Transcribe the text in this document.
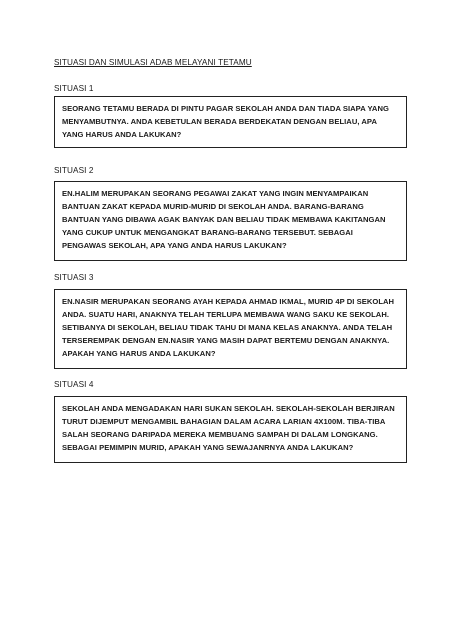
SITUASI DAN SIMULASI ADAB MELAYANI TETAMU
SITUASI 1

SEORANG TETAMU BERADA DI PINTU PAGAR SEKOLAH ANDA DAN TIADA SIAPA YANG MENYAMBUTNYA. ANDA KEBETULAN BERADA BERDEKATAN DENGAN BELIAU, APA YANG HARUS ANDA LAKUKAN?

SITUASI 2

EN.HALIM MERUPAKAN SEORANG PEGAWAI ZAKAT YANG INGIN MENYAMPAIKAN BANTUAN ZAKAT KEPADA MURID-MURID DI SEKOLAH ANDA. BARANG-BARANG BANTUAN YANG DIBAWA AGAK BANYAK DAN BELIAU TIDAK MEMBAWA KAKITANGAN YANG CUKUP UNTUK MENGANGKAT BARANG-BARANG TERSEBUT. SEBAGAI PENGAWAS SEKOLAH, APA YANG ANDA HARUS LAKUKAN?

SITUASI 3

EN.NASIR MERUPAKAN SEORANG AYAH KEPADA AHMAD IKMAL, MURID 4P DI SEKOLAH ANDA. SUATU HARI, ANAKNYA TELAH TERLUPA MEMBAWA WANG SAKU KE SEKOLAH. SETIBANYA DI SEKOLAH, BELIAU TIDAK TAHU DI MANA KELAS ANAKNYA. ANDA TELAH TERSEREMPAK DENGAN EN.NASIR YANG MASIH DAPAT BERTEMU DENGAN ANAKNYA. APAKAH YANG HARUS ANDA LAKUKAN?

SITUASI 4

SEKOLAH ANDA MENGADAKAN HARI SUKAN SEKOLAH. SEKOLAH-SEKOLAH BERJIRAN TURUT DIJEMPUT MENGAMBIL BAHAGIAN DALAM ACARA LARIAN 4X100M. TIBA-TIBA SALAH SEORANG DARIPADA MEREKA MEMBUANG SAMPAH DI DALAM LONGKANG. SEBAGAI PEMIMPIN MURID, APAKAH YANG SEWAJANRNYA ANDA LAKUKAN?
